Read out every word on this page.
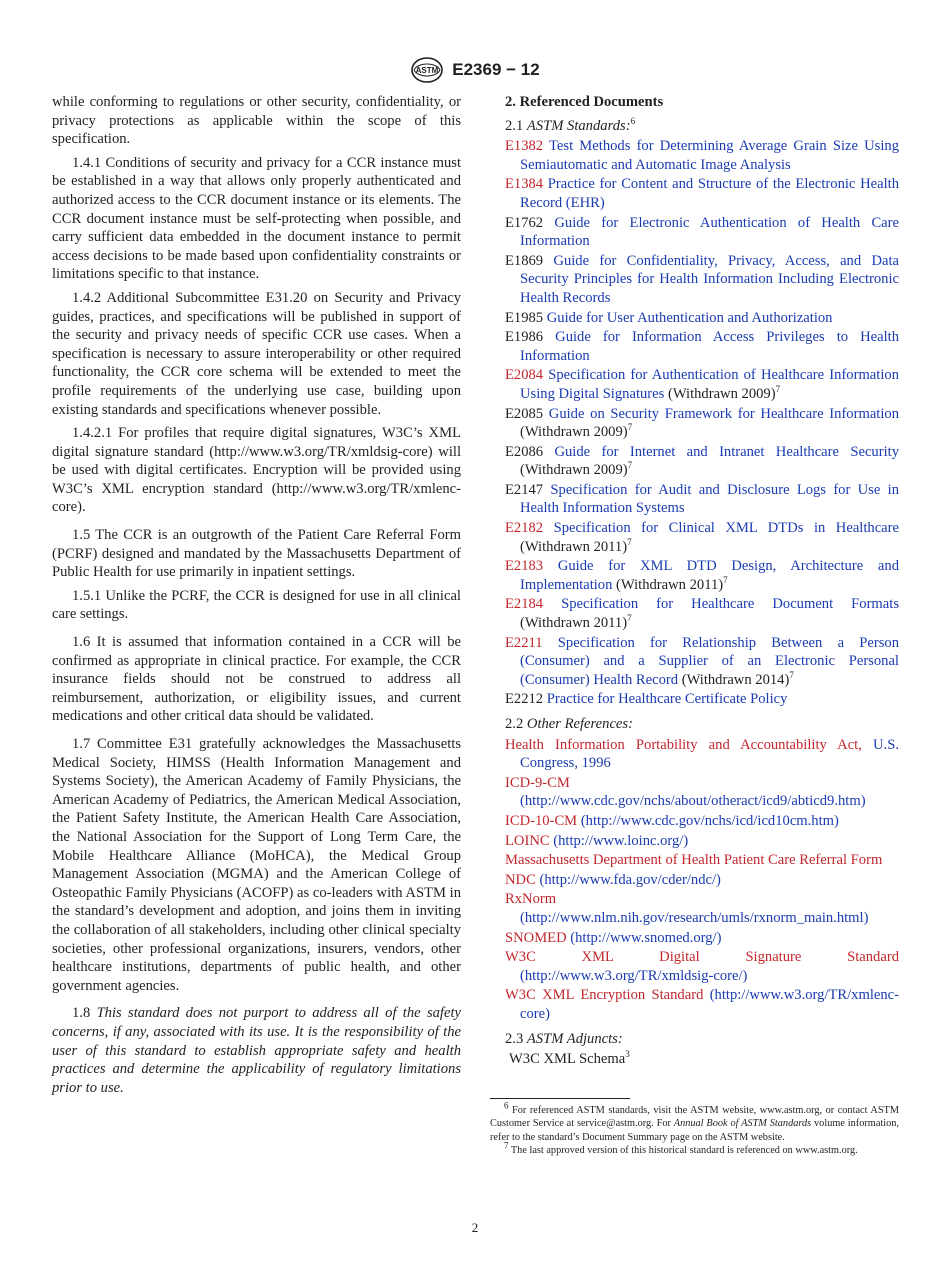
ASTM E2369 − 12

while conforming to regulations or other security, confidentiality, or privacy protections as applicable within the scope of this specification.

1.4.1 Conditions of security and privacy for a CCR instance must be established in a way that allows only properly authenticated and authorized access to the CCR document instance or its elements. The CCR document instance must be self-protecting when possible, and carry sufficient data embedded in the document instance to permit access decisions to be made based upon confidentiality constraints or limitations specific to that instance.

1.4.2 Additional Subcommittee E31.20 on Security and Privacy guides, practices, and specifications will be published in support of the security and privacy needs of specific CCR use cases. When a specification is necessary to assure interoperability or other required functionality, the CCR core schema will be extended to meet the profile requirements of the underlying use case, building upon existing standards and specifications whenever possible.

1.4.2.1 For profiles that require digital signatures, W3C’s XML digital signature standard (http://www.w3.org/TR/xmldsig-core) will be used with digital certificates. Encryption will be provided using W3C’s XML encryption standard (http://www.w3.org/TR/xmlenc-core).

1.5 The CCR is an outgrowth of the Patient Care Referral Form (PCRF) designed and mandated by the Massachusetts Department of Public Health for use primarily in inpatient settings.

1.5.1 Unlike the PCRF, the CCR is designed for use in all clinical care settings.

1.6 It is assumed that information contained in a CCR will be confirmed as appropriate in clinical practice. For example, the CCR insurance fields should not be construed to address all reimbursement, authorization, or eligibility issues, and current medications and other critical data should be validated.

1.7 Committee E31 gratefully acknowledges the Massachusetts Medical Society, HIMSS (Health Information Management and Systems Society), the American Academy of Family Physicians, the American Academy of Pediatrics, the American Medical Association, the Patient Safety Institute, the American Health Care Association, the National Association for the Support of Long Term Care, the Mobile Healthcare Alliance (MoHCA), the Medical Group Management Association (MGMA) and the American College of Osteopathic Family Physicians (ACOFP) as co-leaders with ASTM in the standard’s development and adoption, and joins them in inviting the collaboration of all stakeholders, including other clinical specialty societies, other professional organizations, insurers, vendors, other healthcare institutions, departments of public health, and other government agencies.

1.8 This standard does not purport to address all of the safety concerns, if any, associated with its use. It is the responsibility of the user of this standard to establish appropriate safety and health practices and determine the applicability of regulatory limitations prior to use.

2. Referenced Documents
2.1 ASTM Standards:$^6$
E1382 Test Methods for Determining Average Grain Size Using Semiautomatic and Automatic Image Analysis
E1384 Practice for Content and Structure of the Electronic Health Record (EHR)
E1762 Guide for Electronic Authentication of Health Care Information
E1869 Guide for Confidentiality, Privacy, Access, and Data Security Principles for Health Information Including Electronic Health Records
E1985 Guide for User Authentication and Authorization
E1986 Guide for Information Access Privileges to Health Information
E2084 Specification for Authentication of Healthcare Information Using Digital Signatures (Withdrawn 2009)$^7$
E2085 Guide on Security Framework for Healthcare Information (Withdrawn 2009)$^7$
E2086 Guide for Internet and Intranet Healthcare Security (Withdrawn 2009)$^7$
E2147 Specification for Audit and Disclosure Logs for Use in Health Information Systems
E2182 Specification for Clinical XML DTDs in Healthcare (Withdrawn 2011)$^7$
E2183 Guide for XML DTD Design, Architecture and Implementation (Withdrawn 2011)$^7$
E2184 Specification for Healthcare Document Formats (Withdrawn 2011)$^7$
E2211 Specification for Relationship Between a Person (Consumer) and a Supplier of an Electronic Personal (Consumer) Health Record (Withdrawn 2014)$^7$
E2212 Practice for Healthcare Certificate Policy
2.2 Other References:
Health Information Portability and Accountability Act, U.S. Congress, 1996
ICD-9-CM (http://www.cdc.gov/nchs/about/otheract/icd9/abticd9.htm)
ICD-10-CM (http://www.cdc.gov/nchs/icd/icd10cm.htm)
LOINC (http://www.loinc.org/)
Massachusetts Department of Health Patient Care Referral Form
NDC (http://www.fda.gov/cder/ndc/)
RxNorm (http://www.nlm.nih.gov/research/umls/rxnorm_main.html)
SNOMED (http://www.snomed.org/)
W3C XML Digital Signature Standard (http://www.w3.org/TR/xmldsig-core/)
W3C XML Encryption Standard (http://www.w3.org/TR/xmlenc-core)
2.3 ASTM Adjuncts:
W3C XML Schema$^3$

$^6$ For referenced ASTM standards, visit the ASTM website, www.astm.org, or contact ASTM Customer Service at service@astm.org. For Annual Book of ASTM Standards volume information, refer to the standard’s Document Summary page on the ASTM website.

$^7$ The last approved version of this historical standard is referenced on www.astm.org.

2
